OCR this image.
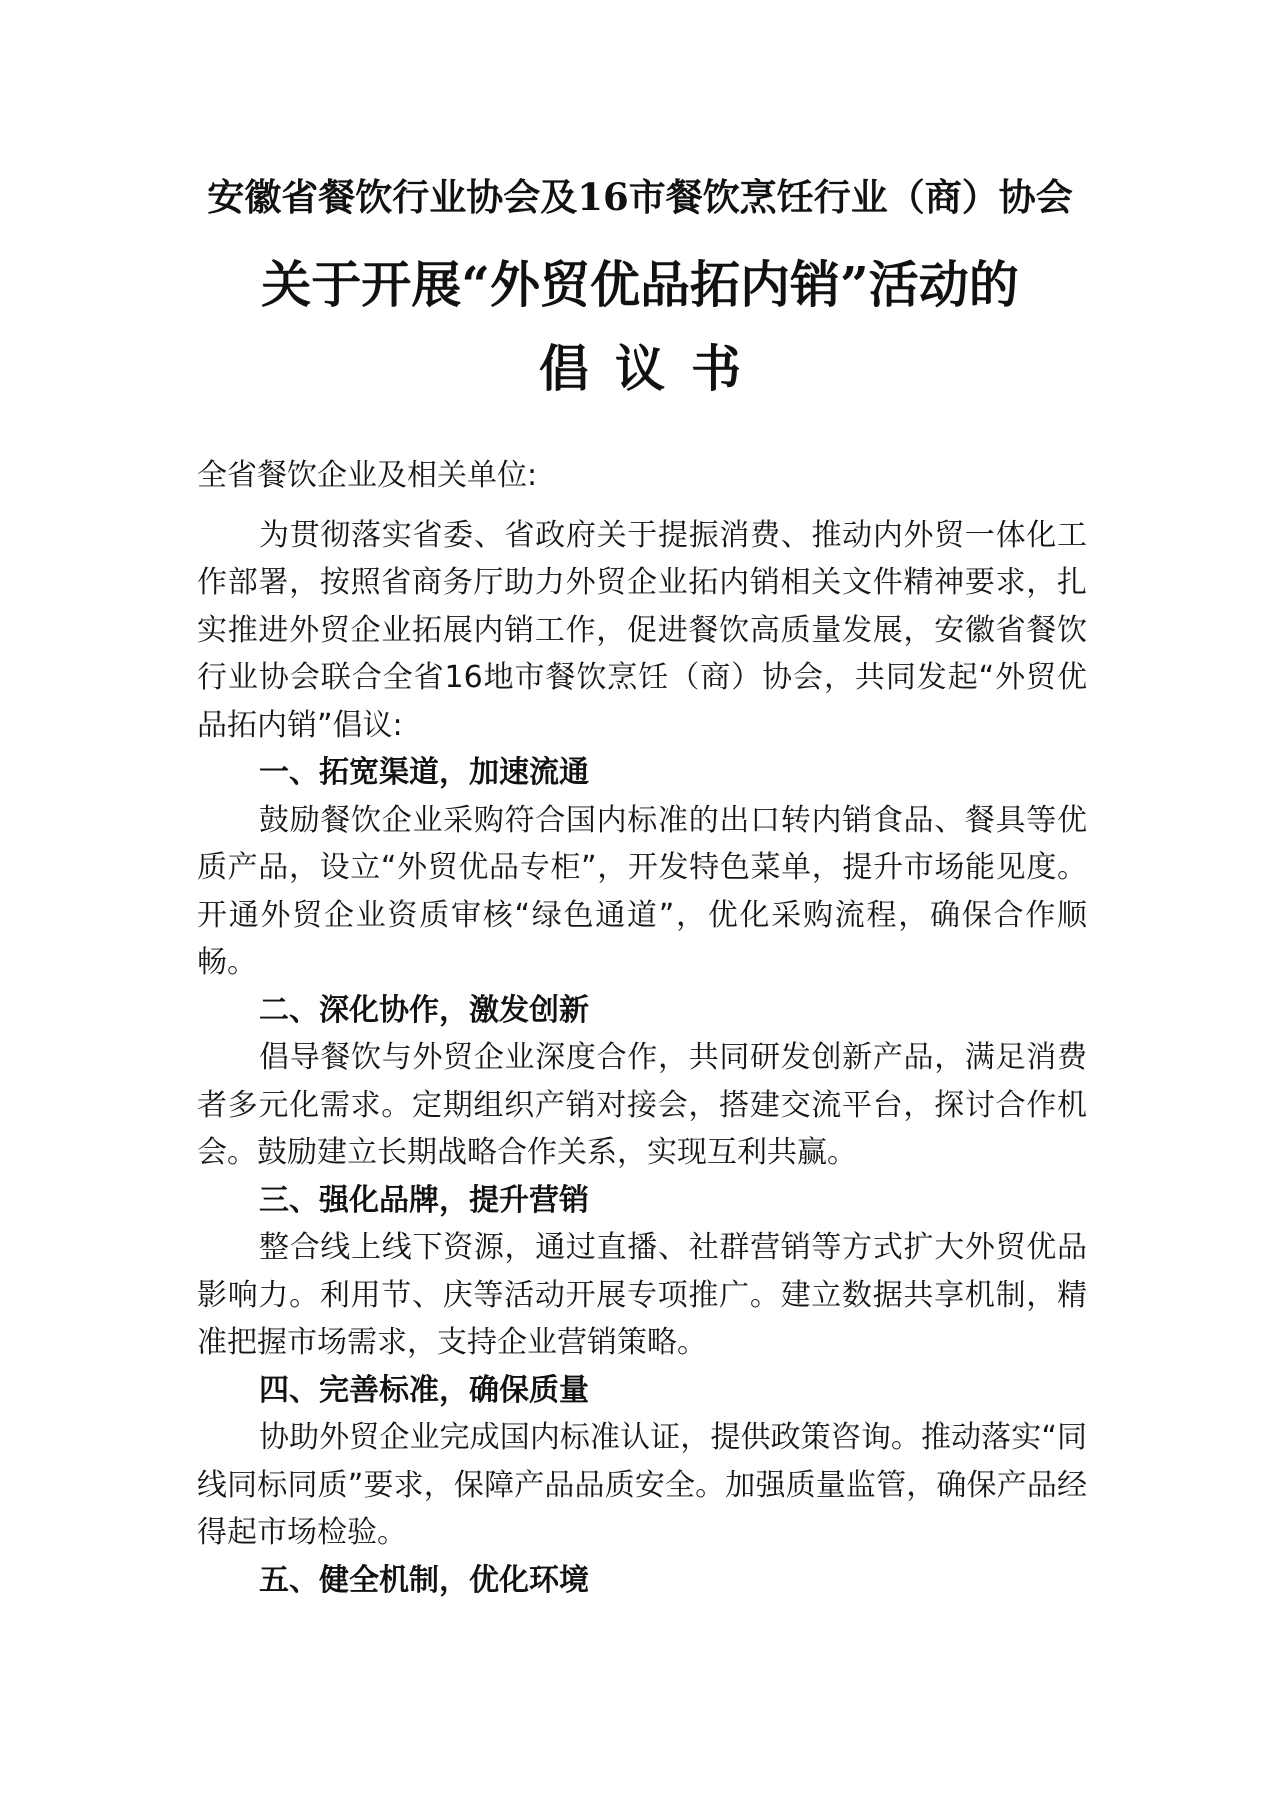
安徽省餐饮行业协会及16市餐饮烹饪行业（商）协会
关于开展“外贸优品拓内销”活动的
倡议书

全省餐饮企业及相关单位:

为贯彻落实省委、省政府关于提振消费、推动内外贸一体化工作部署，按照省商务厅助力外贸企业拓内销相关文件精神要求，扎实推进外贸企业拓展内销工作，促进餐饮高质量发展，安徽省餐饮行业协会联合全省16地市餐饮烹饪（商）协会，共同发起“外贸优品拓内销”倡议:

一、拓宽渠道，加速流通

鼓励餐饮企业采购符合国内标准的出口转内销食品、餐具等优质产品，设立“外贸优品专柜”，开发特色菜单，提升市场能见度。开通外贸企业资质审核“绿色通道”，优化采购流程，确保合作顺畅。

二、深化协作，激发创新

倡导餐饮与外贸企业深度合作，共同研发创新产品，满足消费者多元化需求。定期组织产销对接会，搭建交流平台，探讨合作机会。鼓励建立长期战略合作关系，实现互利共赢。

三、强化品牌，提升营销

整合线上线下资源，通过直播、社群营销等方式扩大外贸优品影响力。利用节、庆等活动开展专项推广。建立数据共享机制，精准把握市场需求，支持企业营销策略。

四、完善标准，确保质量

协助外贸企业完成国内标准认证，提供政策咨询。推动落实“同线同标同质”要求，保障产品品质安全。加强质量监管，确保产品经得起市场检验。

五、健全机制，优化环境
